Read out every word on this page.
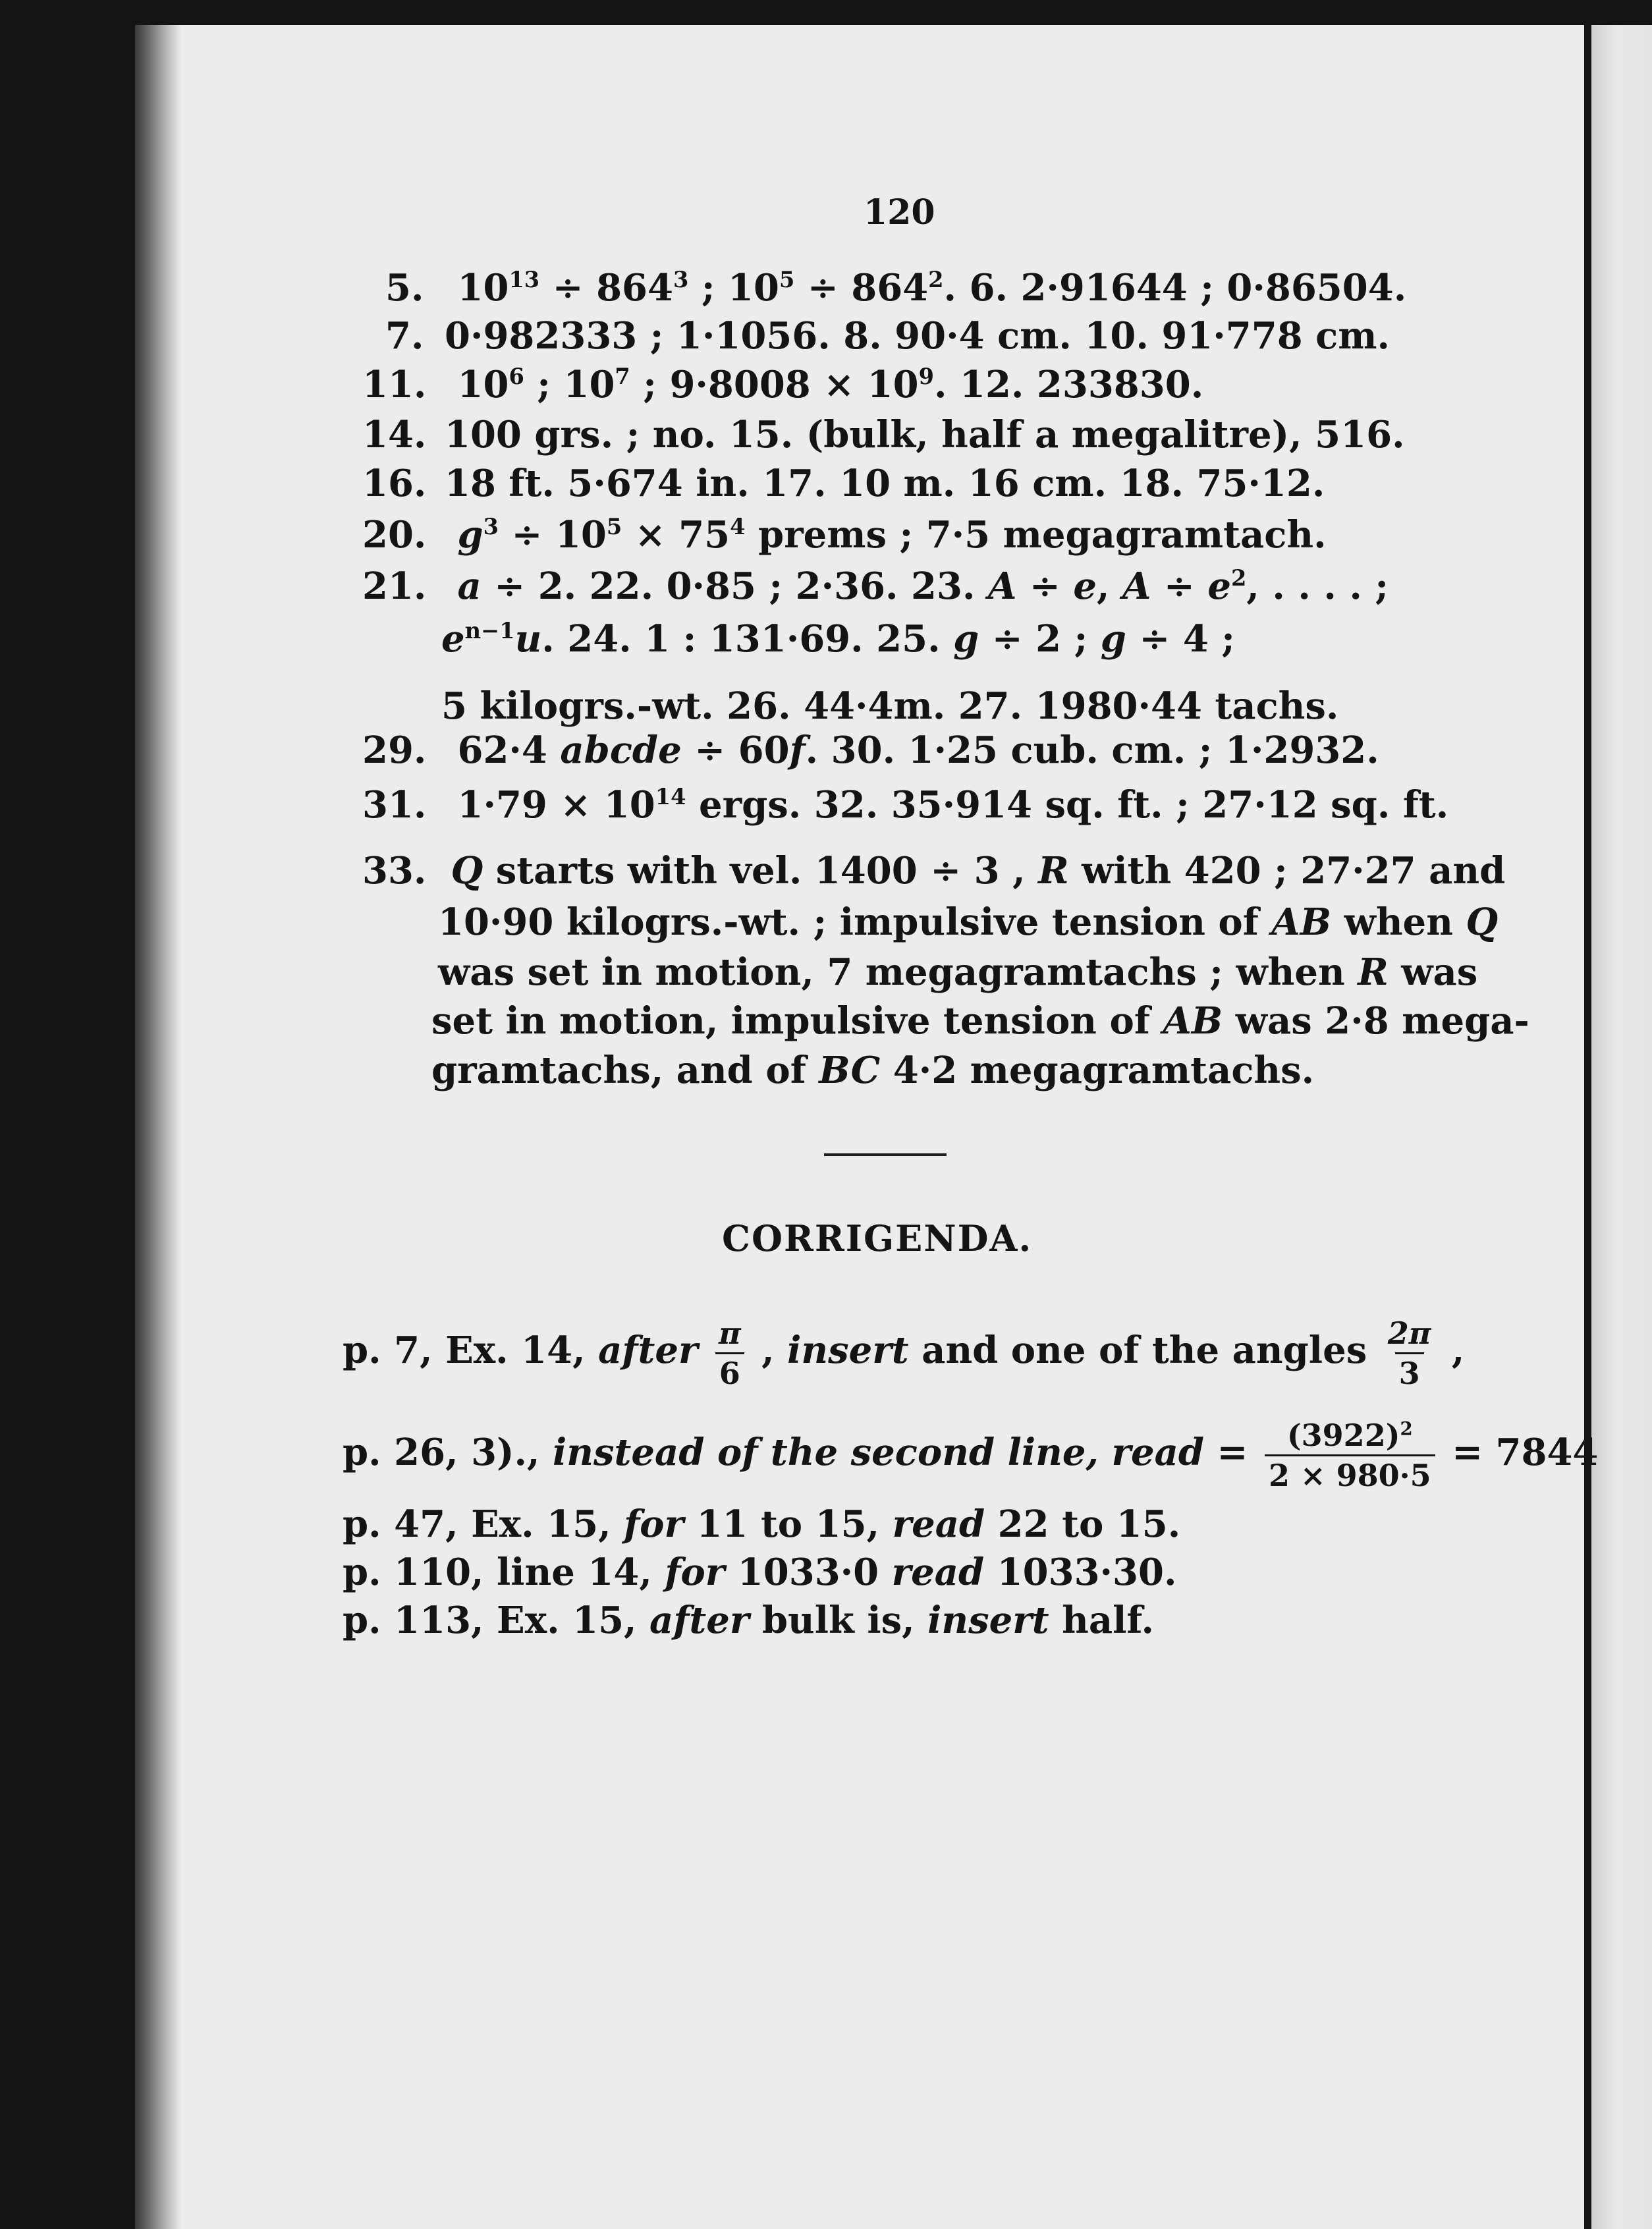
120
5. $10^{13} \div 864^3$ ; $10^5 \div 864^2$. 6. 2·91644 ; 0·86504.
7. 0·982333 ; 1·1056. 8. 90·4 cm. 10. 91·778 cm.
11. $10^6$ ; $10^7$ ; $9\cdot 8008 \times 10^9$. 12. 233830.
14. 100 grs. ; no. 15. (bulk, half a megalitre), 516.
16. 18 ft. 5·674 in. 17. 10 m. 16 cm. 18. 75·12.
20. $g^3 \div 10^5 \times 75^4$ prems ; 7·5 megagramtach.
21. a ÷ 2. 22. 0·85 ; 2·36. 23. A ÷ e, $A \div e^2$, . . . . ;
$e^{n-1}u$. 24. 1 : 131·69. 25. g ÷ 2 ; g ÷ 4 ;
5 kilogrs.-wt. 26. 44·4m. 27. 1980·44 tachs.
29. 62·4 abcde ÷ 60f. 30. 1·25 cub. cm. ; 1·2932.
31. $1\cdot 79 \times 10^{14}$ ergs. 32. 35·914 sq. ft. ; 27·12 sq. ft.
33. Q starts with vel. 1400 ÷ 3 , R with 420 ; 27·27 and
10·90 kilogrs.-wt. ; impulsive tension of AB when Q
was set in motion, 7 megagramtachs ; when R was
set in motion, impulsive tension of AB was 2·8 mega-
gramtachs, and of BC 4·2 megagramtachs.
CORRIGENDA.
p. 7, Ex. 14, after $\frac{\pi}{6}$ , insert and one of the angles $\frac{2\pi}{3}$ ,
p. 26, 3)., instead of the second line, read = $\frac{(3922)^2}{2 \times 980\cdot 5} = 7844$
p. 47, Ex. 15, for 11 to 15, read 22 to 15.
p. 110, line 14, for 1033·0 read 1033·30.
p. 113, Ex. 15, after bulk is, insert half.
